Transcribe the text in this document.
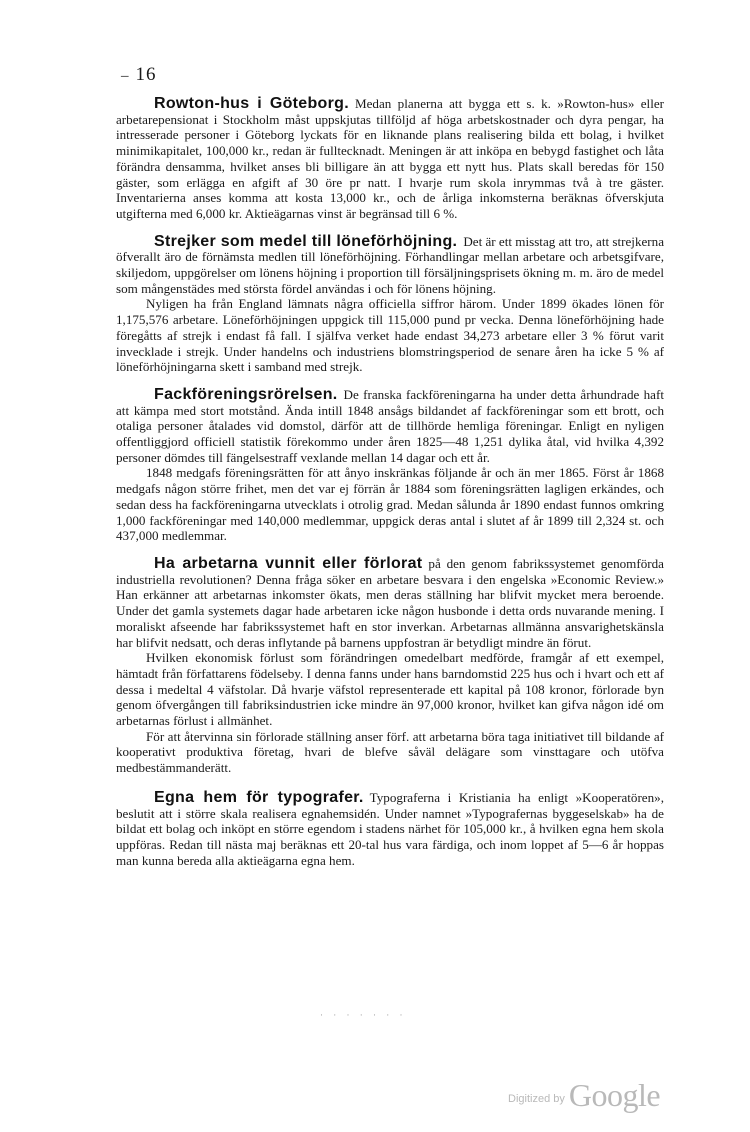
– 16

Rowton-hus i Göteborg. Medan planerna att bygga ett s. k. »Rowton-hus» eller arbetarepensionat i Stockholm måst uppskjutas tillföljd af höga arbetskostnader och dyra pengar, ha intresserade personer i Göteborg lyckats för en liknande plans realisering bilda ett bolag, i hvilket minimikapitalet, 100,000 kr., redan är fulltecknadt. Meningen är att inköpa en bebygd fastighet och låta förändra densamma, hvilket anses bli billigare än att bygga ett nytt hus. Plats skall beredas för 150 gäster, som erlägga en afgift af 30 öre pr natt. I hvarje rum skola inrymmas två à tre gäster. Inventarierna anses komma att kosta 13,000 kr., och de årliga inkomsterna beräknas öfverskjuta utgifterna med 6,000 kr. Aktieägarnas vinst är begränsad till 6 %.

Strejker som medel till löneförhöjning. Det är ett misstag att tro, att strejkerna öfverallt äro de förnämsta medlen till löneförhöjning. Förhandlingar mellan arbetare och arbetsgifvare, skiljedom, uppgörelser om lönens höjning i proportion till försäljningsprisets ökning m. m. äro de medel som mångenstädes med största fördel användas i och för lönens höjning.

Nyligen ha från England lämnats några officiella siffror härom. Under 1899 ökades lönen för 1,175,576 arbetare. Löneförhöjningen uppgick till 115,000 pund pr vecka. Denna löneförhöjning hade föregåtts af strejk i endast få fall. I själfva verket hade endast 34,273 arbetare eller 3 % förut varit invecklade i strejk. Under handelns och industriens blomstringsperiod de senare åren ha icke 5 % af löneförhöjningarna skett i samband med strejk.

Fackföreningsrörelsen. De franska fackföreningarna ha under detta århundrade haft att kämpa med stort motstånd. Ända intill 1848 ansågs bildandet af fackföreningar som ett brott, och otaliga personer åtalades vid domstol, därför att de tillhörde hemliga föreningar. Enligt en nyligen offentliggjord officiell statistik förekommo under åren 1825—48 1,251 dylika åtal, vid hvilka 4,392 personer dömdes till fängelsestraff vexlande mellan 14 dagar och ett år.

1848 medgafs föreningsrätten för att ånyo inskränkas följande år och än mer 1865. Först år 1868 medgafs någon större frihet, men det var ej förrän år 1884 som föreningsrätten lagligen erkändes, och sedan dess ha fackföreningarna utvecklats i otrolig grad. Medan sålunda år 1890 endast funnos omkring 1,000 fackföreningar med 140,000 medlemmar, uppgick deras antal i slutet af år 1899 till 2,324 st. och 437,000 medlemmar.

Ha arbetarna vunnit eller förlorat på den genom fabrikssystemet genomförda industriella revolutionen? Denna fråga söker en arbetare besvara i den engelska »Economic Review.» Han erkänner att arbetarnas inkomster ökats, men deras ställning har blifvit mycket mera beroende. Under det gamla systemets dagar hade arbetaren icke någon husbonde i detta ords nuvarande mening. I moraliskt afseende har fabrikssystemet haft en stor inverkan. Arbetarnas allmänna ansvarighetskänsla har blifvit nedsatt, och deras inflytande på barnens uppfostran är betydligt mindre än förut.

Hvilken ekonomisk förlust som förändringen omedelbart medförde, framgår af ett exempel, hämtadt från författarens födelseby. I denna fanns under hans barndomstid 225 hus och i hvart och ett af dessa i medeltal 4 väfstolar. Då hvarje väfstol representerade ett kapital på 108 kronor, förlorade byn genom öfvergången till fabriksindustrien icke mindre än 97,000 kronor, hvilket kan gifva någon idé om arbetarnas förlust i allmänhet.

För att återvinna sin förlorade ställning anser förf. att arbetarna böra taga initiativet till bildande af kooperativt produktiva företag, hvari de blefve såväl delägare som vinsttagare och utöfva medbestämmanderätt.

Egna hem för typografer. Typograferna i Kristiania ha enligt »Kooperatören», beslutit att i större skala realisera egnahemsidén. Under namnet »Typografernas byggeselskab» ha de bildat ett bolag och inköpt en större egendom i stadens närhet för 105,000 kr., å hvilken egna hem skola uppföras. Redan till nästa maj beräknas ett 20-tal hus vara färdiga, och inom loppet af 5—6 år hoppas man kunna bereda alla aktieägarna egna hem.

· · · · · · ·
$^{Digitized by}$ Google
